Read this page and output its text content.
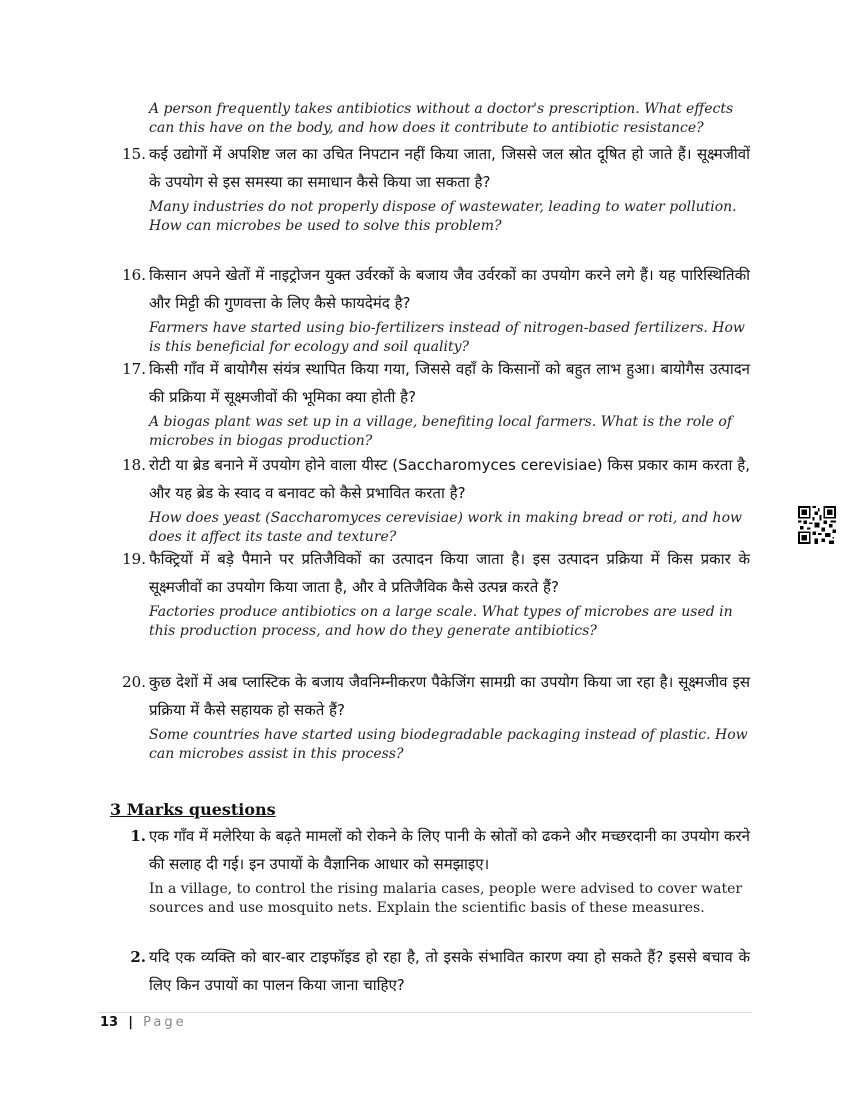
A person frequently takes antibiotics without a doctor's prescription. What effects can this have on the body, and how does it contribute to antibiotic resistance?
15. कई उद्योगों में अपशिष्ट जल का उचित निपटान नहीं किया जाता, जिससे जल स्रोत दूषित हो जाते हैं। सूक्ष्मजीवों के उपयोग से इस समस्या का समाधान कैसे किया जा सकता है?
Many industries do not properly dispose of wastewater, leading to water pollution. How can microbes be used to solve this problem?
16. किसान अपने खेतों में नाइट्रोजन युक्त उर्वरकों के बजाय जैव उर्वरकों का उपयोग करने लगे हैं। यह पारिस्थितिकी और मिट्टी की गुणवत्ता के लिए कैसे फायदेमंद है?
Farmers have started using bio-fertilizers instead of nitrogen-based fertilizers. How is this beneficial for ecology and soil quality?
17. किसी गाँव में बायोगैस संयंत्र स्थापित किया गया, जिससे वहाँ के किसानों को बहुत लाभ हुआ। बायोगैस उत्पादन की प्रक्रिया में सूक्ष्मजीवों की भूमिका क्या होती है?
A biogas plant was set up in a village, benefiting local farmers. What is the role of microbes in biogas production?
18. रोटी या ब्रेड बनाने में उपयोग होने वाला यीस्ट (Saccharomyces cerevisiae) किस प्रकार काम करता है, और यह ब्रेड के स्वाद व बनावट को कैसे प्रभावित करता है?
How does yeast (Saccharomyces cerevisiae) work in making bread or roti, and how does it affect its taste and texture?
19. फैक्ट्रियों में बड़े पैमाने पर प्रतिजैविकों का उत्पादन किया जाता है। इस उत्पादन प्रक्रिया में किस प्रकार के सूक्ष्मजीवों का उपयोग किया जाता है, और वे प्रतिजैविक कैसे उत्पन्न करते हैं?
Factories produce antibiotics on a large scale. What types of microbes are used in this production process, and how do they generate antibiotics?
20. कुछ देशों में अब प्लास्टिक के बजाय जैवनिम्नीकरण पैकेजिंग सामग्री का उपयोग किया जा रहा है। सूक्ष्मजीव इस प्रक्रिया में कैसे सहायक हो सकते हैं?
Some countries have started using biodegradable packaging instead of plastic. How can microbes assist in this process?
3 Marks questions
1. एक गाँव में मलेरिया के बढ़ते मामलों को रोकने के लिए पानी के स्रोतों को ढकने और मच्छरदानी का उपयोग करने की सलाह दी गई। इन उपायों के वैज्ञानिक आधार को समझाइए।
In a village, to control the rising malaria cases, people were advised to cover water sources and use mosquito nets. Explain the scientific basis of these measures.
2. यदि एक व्यक्ति को बार-बार टाइफॉइड हो रहा है, तो इसके संभावित कारण क्या हो सकते हैं? इससे बचाव के लिए किन उपायों का पालन किया जाना चाहिए?
13 | Page
